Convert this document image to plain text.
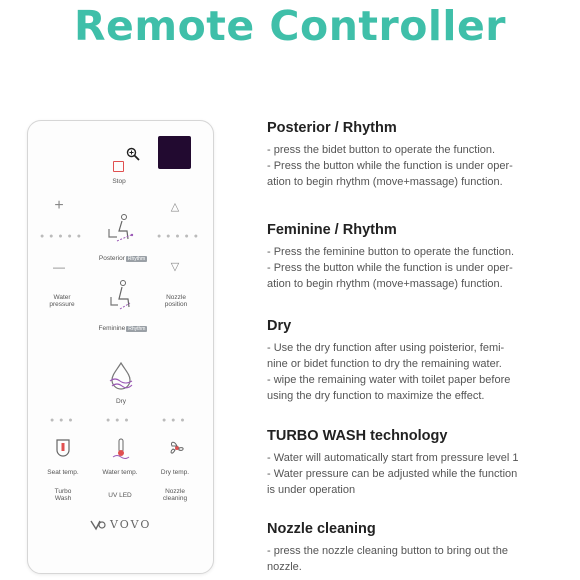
Remote Controller
Stop
+	△
● ● ● ● ●	● ● ● ● ●
Posterior Rhythm
—	▽
Water
pressure
Nozzle
position
Feminine Rhythm
Dry
● ● ●	● ● ●	● ● ●
Seat temp.	Water temp.	Dry temp.
Turbo
Wash	UV LED
Nozzle
cleaning
VOVO
Posterior / Rhythm
- press the bidet button to operate the function.
- Press the button while the function is under oper-
ation to begin rhythm (move+massage) function.
Feminine / Rhythm
- Press the feminine button to operate the function.
- Press the button while the function is under oper-
ation to begin rhythm (move+massage) function.
Dry
- Use the dry function after using poisterior, femi-
nine or bidet function to dry the remaining water.
- wipe the remaining water with toilet paper before
using the dry function to maximize the effect.
TURBO WASH technology
- Water will automatically start from pressure level 1
- Water pressure can be adjusted while the function
is under operation
Nozzle cleaning
- press the nozzle cleaning button to bring out the
nozzle.
